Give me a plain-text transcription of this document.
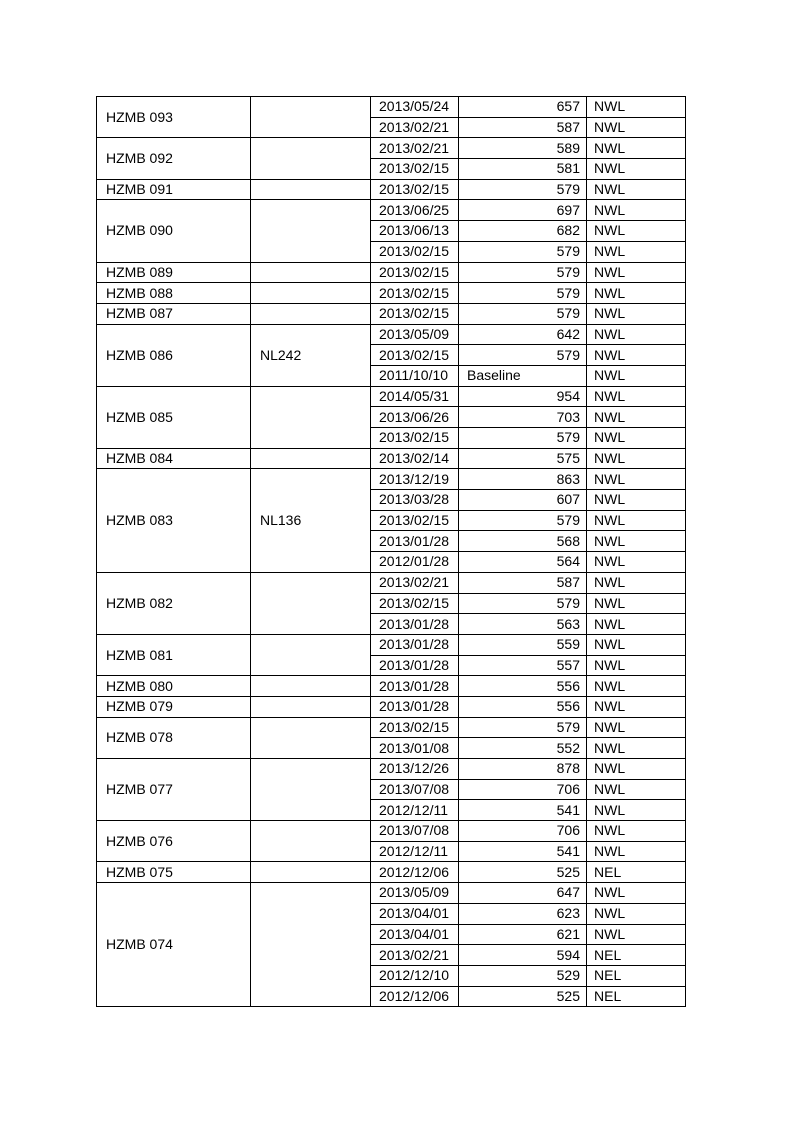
HZMB 093		2013/05/24	657	NWL
		2013/02/21	587	NWL
HZMB 092		2013/02/21	589	NWL
		2013/02/15	581	NWL
HZMB 091		2013/02/15	579	NWL
HZMB 090		2013/06/25	697	NWL
		2013/06/13	682	NWL
		2013/02/15	579	NWL
HZMB 089		2013/02/15	579	NWL
HZMB 088		2013/02/15	579	NWL
HZMB 087		2013/02/15	579	NWL
HZMB 086	NL242	2013/05/09	642	NWL
		2013/02/15	579	NWL
		2011/10/10	Baseline	NWL
HZMB 085		2014/05/31	954	NWL
		2013/06/26	703	NWL
		2013/02/15	579	NWL
HZMB 084		2013/02/14	575	NWL
HZMB 083	NL136	2013/12/19	863	NWL
		2013/03/28	607	NWL
		2013/02/15	579	NWL
		2013/01/28	568	NWL
		2012/01/28	564	NWL
HZMB 082		2013/02/21	587	NWL
		2013/02/15	579	NWL
		2013/01/28	563	NWL
HZMB 081		2013/01/28	559	NWL
		2013/01/28	557	NWL
HZMB 080		2013/01/28	556	NWL
HZMB 079		2013/01/28	556	NWL
HZMB 078		2013/02/15	579	NWL
		2013/01/08	552	NWL
HZMB 077		2013/12/26	878	NWL
		2013/07/08	706	NWL
		2012/12/11	541	NWL
HZMB 076		2013/07/08	706	NWL
		2012/12/11	541	NWL
HZMB 075		2012/12/06	525	NEL
HZMB 074		2013/05/09	647	NWL
		2013/04/01	623	NWL
		2013/04/01	621	NWL
		2013/02/21	594	NEL
		2012/12/10	529	NEL
		2012/12/06	525	NEL
